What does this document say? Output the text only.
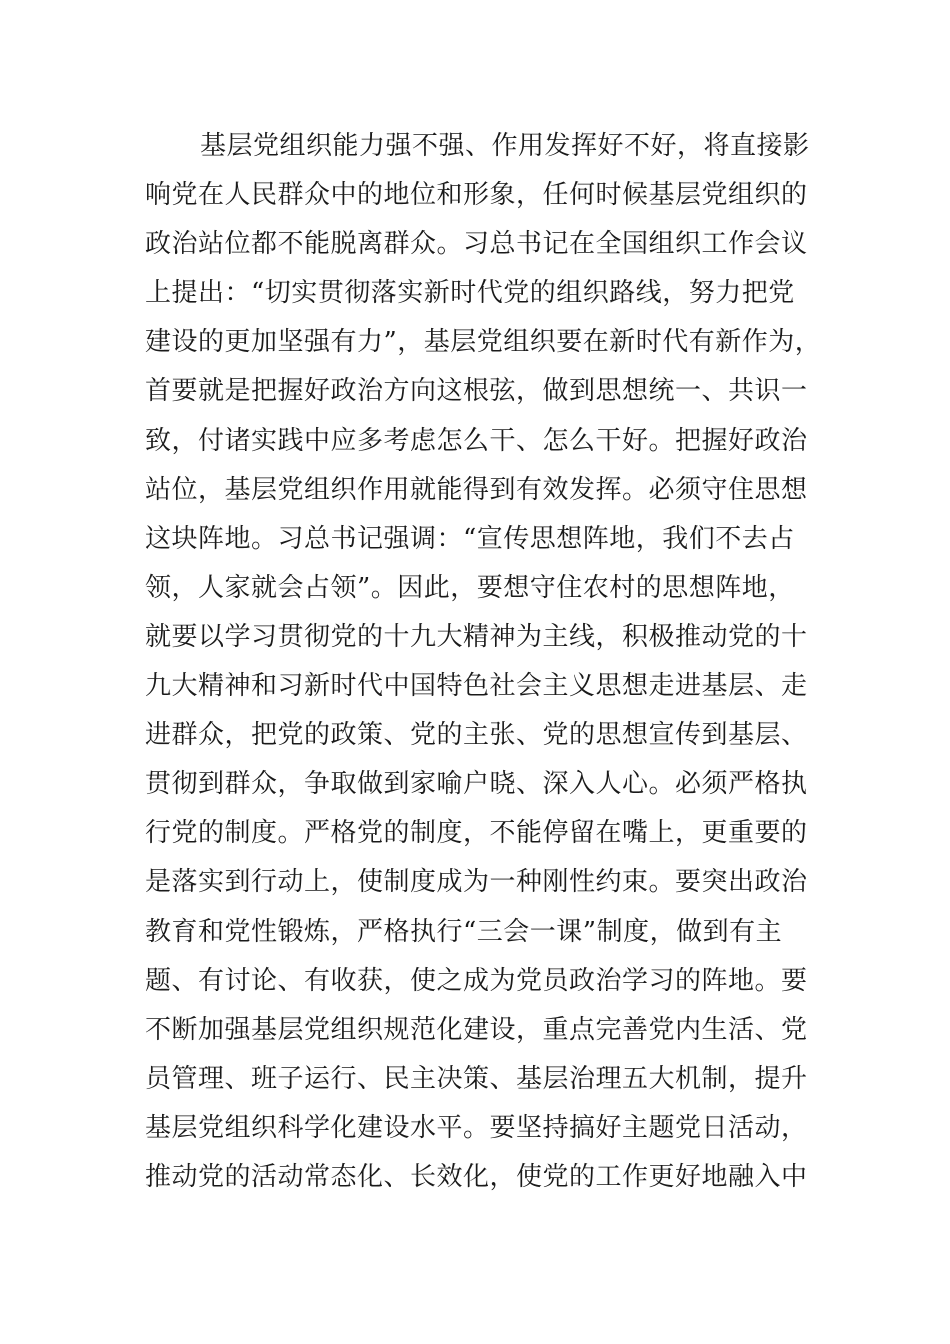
基层党组织能力强不强、作用发挥好不好，将直接影
响党在人民群众中的地位和形象，任何时候基层党组织的
政治站位都不能脱离群众。习总书记在全国组织工作会议
上提出：“切实贯彻落实新时代党的组织路线，努力把党
建设的更加坚强有力”，基层党组织要在新时代有新作为，
首要就是把握好政治方向这根弦，做到思想统一、共识一
致，付诸实践中应多考虑怎么干、怎么干好。把握好政治
站位，基层党组织作用就能得到有效发挥。必须守住思想
这块阵地。习总书记强调：“宣传思想阵地，我们不去占
领，人家就会占领”。因此，要想守住农村的思想阵地，
就要以学习贯彻党的十九大精神为主线，积极推动党的十
九大精神和习新时代中国特色社会主义思想走进基层、走
进群众，把党的政策、党的主张、党的思想宣传到基层、
贯彻到群众，争取做到家喻户晓、深入人心。必须严格执
行党的制度。严格党的制度，不能停留在嘴上，更重要的
是落实到行动上，使制度成为一种刚性约束。要突出政治
教育和党性锻炼，严格执行“三会一课”制度，做到有主
题、有讨论、有收获，使之成为党员政治学习的阵地。要
不断加强基层党组织规范化建设，重点完善党内生活、党
员管理、班子运行、民主决策、基层治理五大机制，提升
基层党组织科学化建设水平。要坚持搞好主题党日活动，
推动党的活动常态化、长效化，使党的工作更好地融入中
